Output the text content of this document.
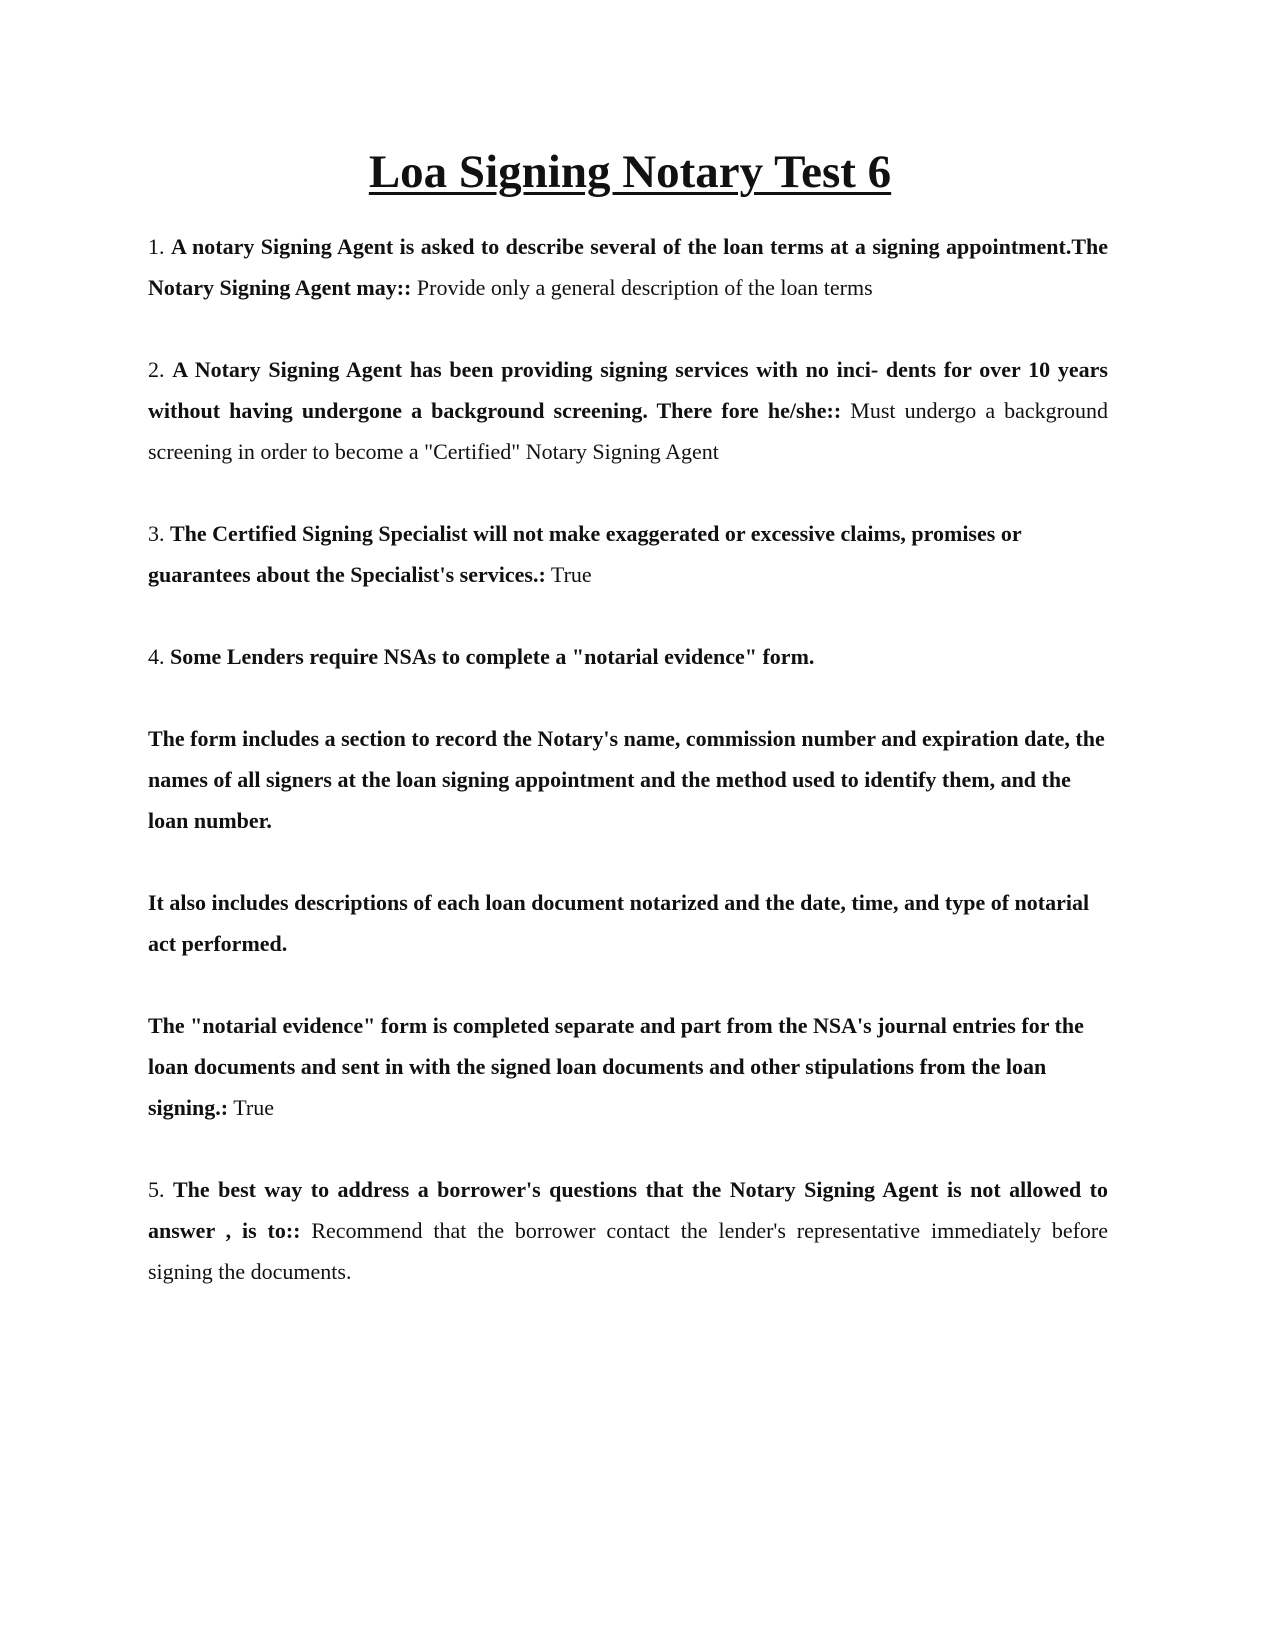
Loa Signing Notary Test 6

1. A notary Signing Agent is asked to describe several of the loan terms at a signing appointment.The Notary Signing Agent may:: Provide only a general description of the loan terms

2. A Notary Signing Agent has been providing signing services with no inci- dents for over 10 years without having undergone a background screening. There fore he/she:: Must undergo a background screening in order to become a "Certified" Notary Signing Agent

3. The Certified Signing Specialist will not make exaggerated or excessive claims, promises or guarantees about the Specialist's services.: True

4. Some Lenders require NSAs to complete a "notarial evidence" form.

The form includes a section to record the Notary's name, commission number and expiration date, the names of all signers at the loan signing appointment and the method used to identify them, and the loan number.

It also includes descriptions of each loan document notarized and the date, time, and type of notarial act performed.

The "notarial evidence" form is completed separate and part from the NSA's journal entries for the loan documents and sent in with the signed loan documents and other stipulations from the loan signing.: True

5. The best way to address a borrower's questions that the Notary Signing Agent is not allowed to answer , is to:: Recommend that the borrower contact the lender's representative immediately before signing the documents.
